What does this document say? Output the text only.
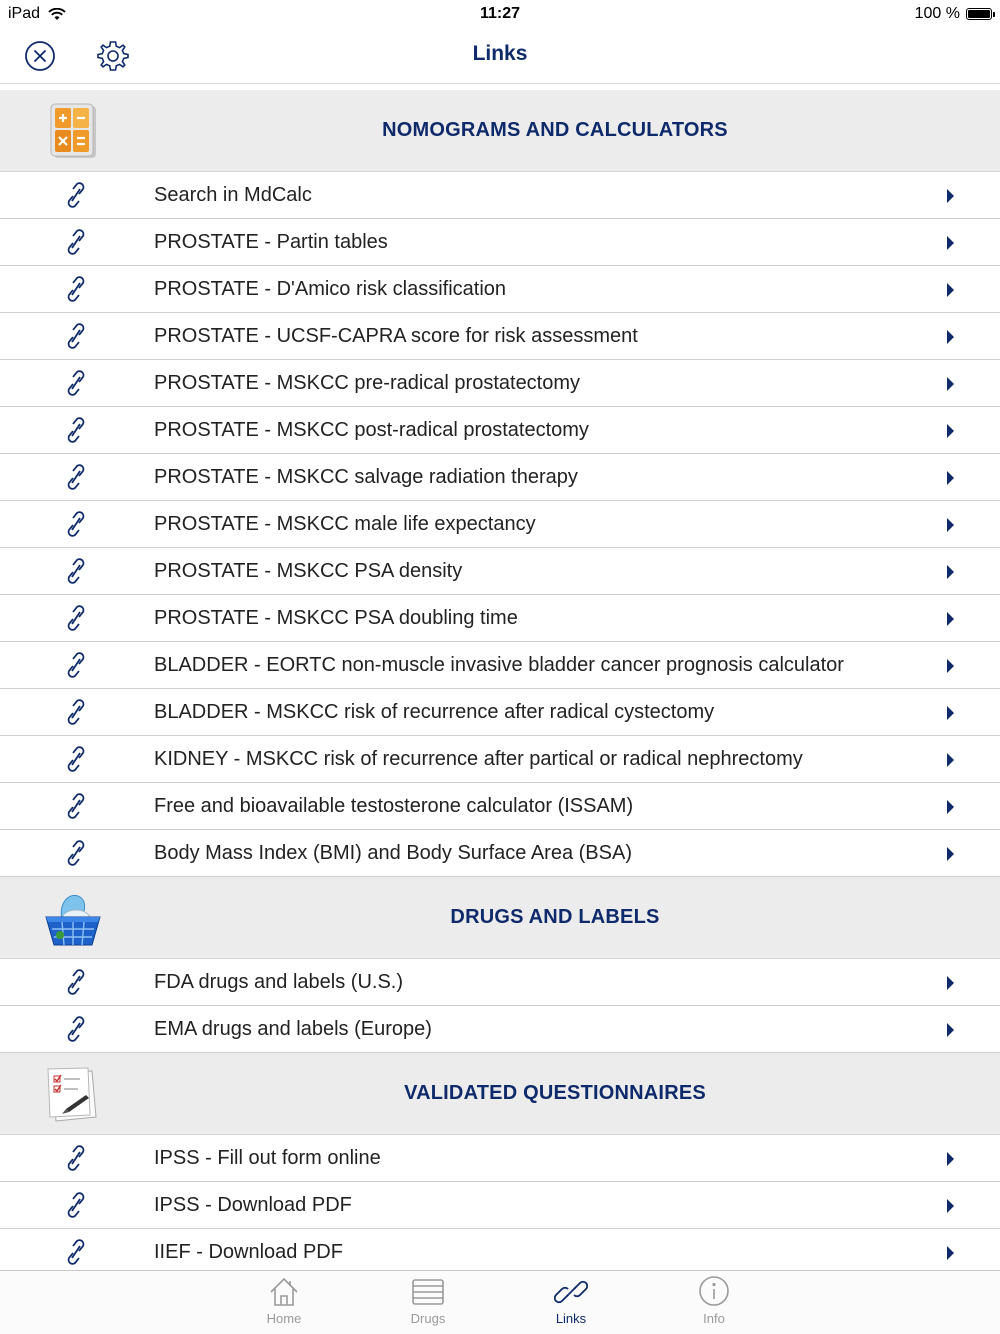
iPad	11:27	100 %
Links
NOMOGRAMS AND CALCULATORS
Search in MdCalc
PROSTATE - Partin tables
PROSTATE - D'Amico risk classification
PROSTATE - UCSF-CAPRA score for risk assessment
PROSTATE - MSKCC pre-radical prostatectomy
PROSTATE - MSKCC post-radical prostatectomy
PROSTATE - MSKCC salvage radiation therapy
PROSTATE - MSKCC male life expectancy
PROSTATE - MSKCC PSA density
PROSTATE - MSKCC PSA doubling time
BLADDER - EORTC non-muscle invasive bladder cancer prognosis calculator
BLADDER - MSKCC risk of recurrence after radical cystectomy
KIDNEY - MSKCC risk of recurrence after partical or radical nephrectomy
Free and bioavailable testosterone calculator (ISSAM)
Body Mass Index (BMI) and Body Surface Area (BSA)
DRUGS AND LABELS
FDA drugs and labels (U.S.)
EMA drugs and labels (Europe)
VALIDATED QUESTIONNAIRES
IPSS - Fill out form online
IPSS - Download PDF
IIEF - Download PDF
Home	Drugs	Links	Info
